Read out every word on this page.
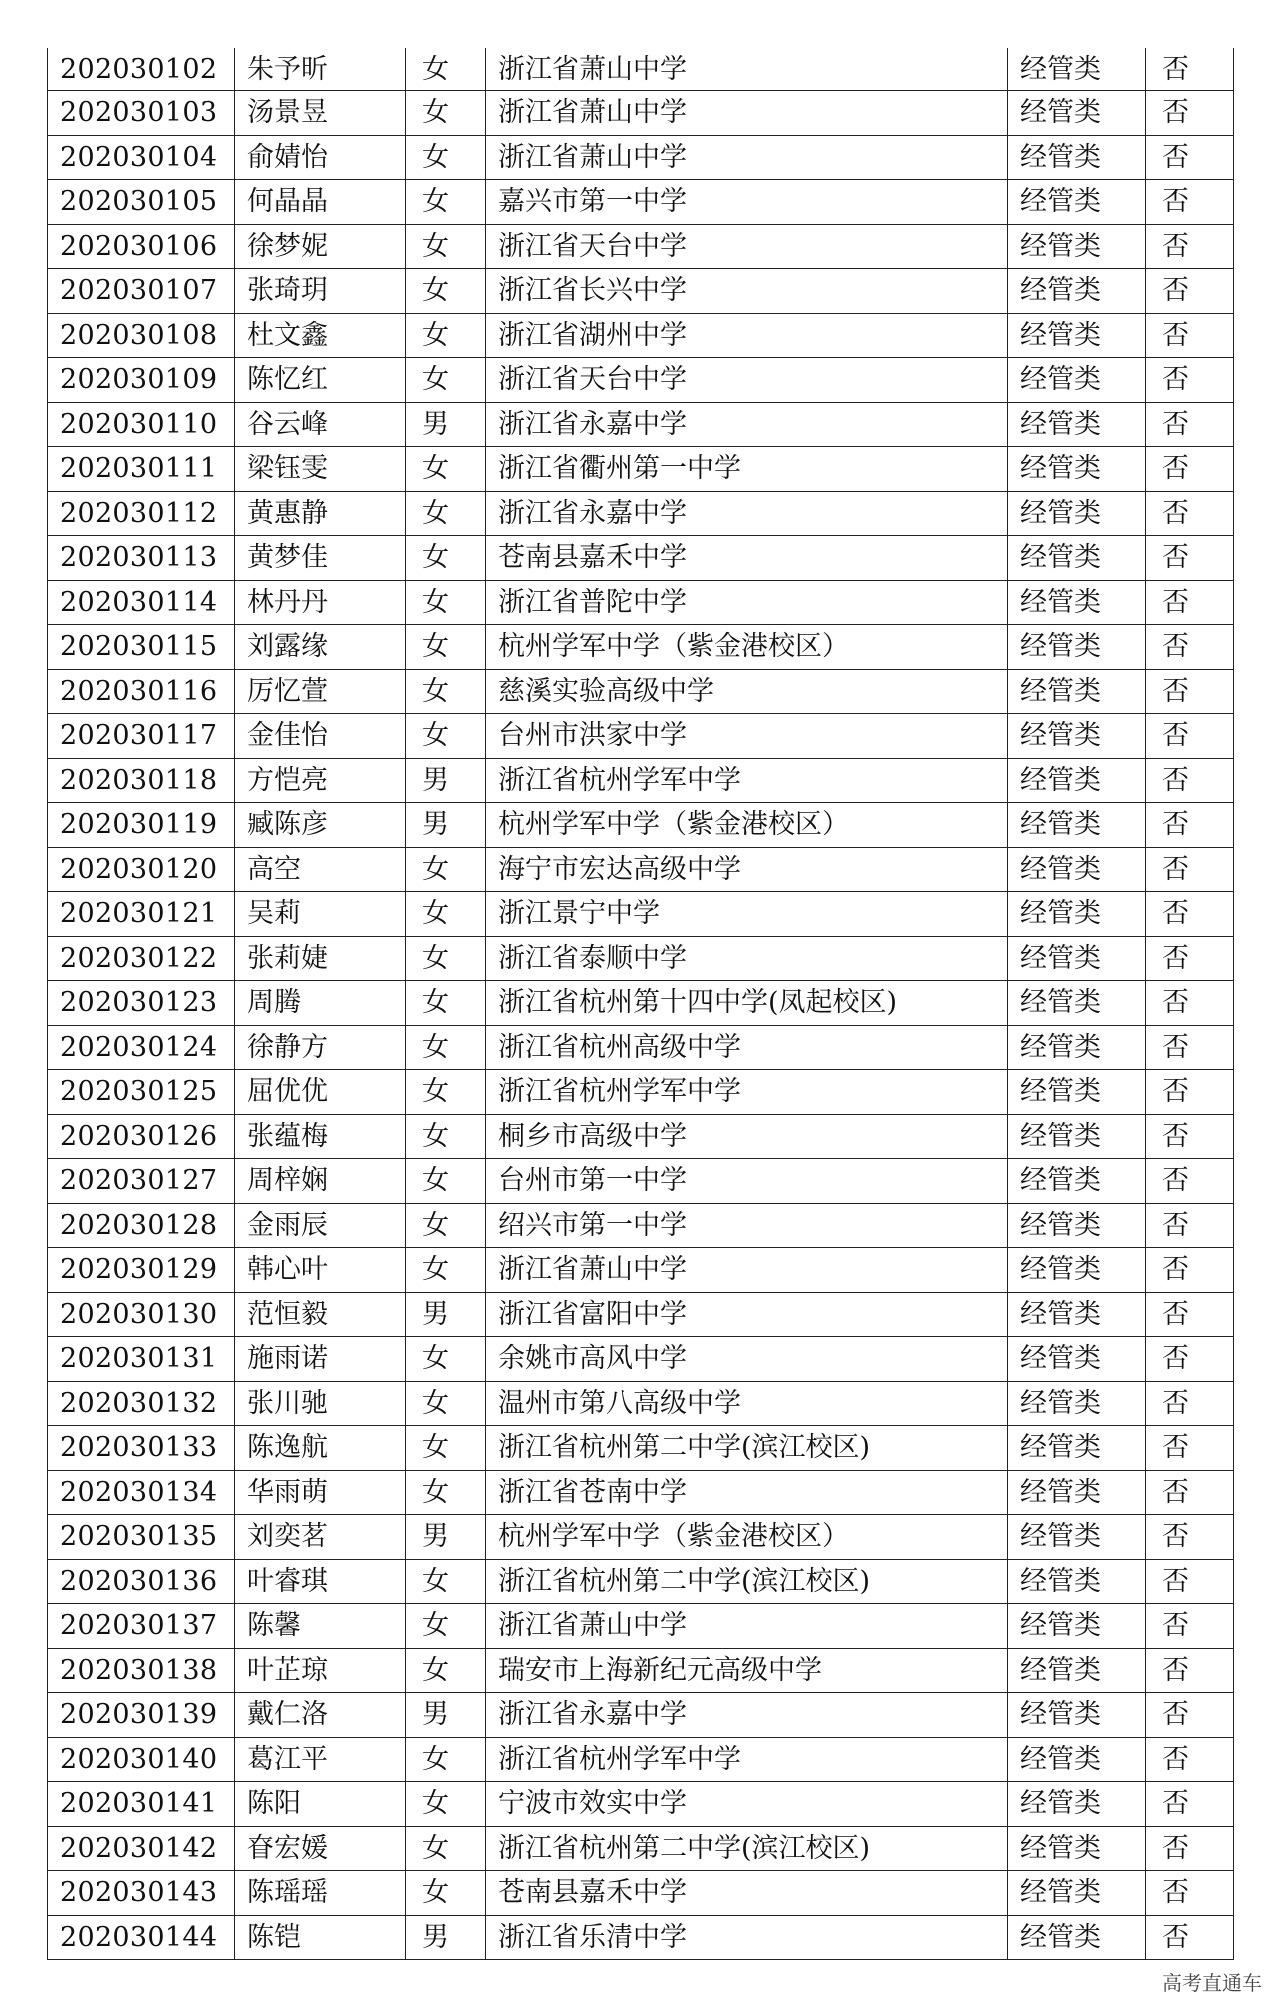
202030102	朱予昕	女	浙江省萧山中学	经管类	否
202030103	汤景昱	女	浙江省萧山中学	经管类	否
202030104	俞婧怡	女	浙江省萧山中学	经管类	否
202030105	何晶晶	女	嘉兴市第一中学	经管类	否
202030106	徐梦妮	女	浙江省天台中学	经管类	否
202030107	张琦玥	女	浙江省长兴中学	经管类	否
202030108	杜文鑫	女	浙江省湖州中学	经管类	否
202030109	陈忆红	女	浙江省天台中学	经管类	否
202030110	谷云峰	男	浙江省永嘉中学	经管类	否
202030111	梁钰雯	女	浙江省衢州第一中学	经管类	否
202030112	黄惠静	女	浙江省永嘉中学	经管类	否
202030113	黄梦佳	女	苍南县嘉禾中学	经管类	否
202030114	林丹丹	女	浙江省普陀中学	经管类	否
202030115	刘露缘	女	杭州学军中学（紫金港校区）	经管类	否
202030116	厉忆萱	女	慈溪实验高级中学	经管类	否
202030117	金佳怡	女	台州市洪家中学	经管类	否
202030118	方恺亮	男	浙江省杭州学军中学	经管类	否
202030119	臧陈彦	男	杭州学军中学（紫金港校区）	经管类	否
202030120	高空	女	海宁市宏达高级中学	经管类	否
202030121	吴莉	女	浙江景宁中学	经管类	否
202030122	张莉婕	女	浙江省泰顺中学	经管类	否
202030123	周腾	女	浙江省杭州第十四中学(凤起校区)	经管类	否
202030124	徐静方	女	浙江省杭州高级中学	经管类	否
202030125	屈优优	女	浙江省杭州学军中学	经管类	否
202030126	张蕴梅	女	桐乡市高级中学	经管类	否
202030127	周梓娴	女	台州市第一中学	经管类	否
202030128	金雨辰	女	绍兴市第一中学	经管类	否
202030129	韩心叶	女	浙江省萧山中学	经管类	否
202030130	范恒毅	男	浙江省富阳中学	经管类	否
202030131	施雨诺	女	余姚市高风中学	经管类	否
202030132	张川驰	女	温州市第八高级中学	经管类	否
202030133	陈逸航	女	浙江省杭州第二中学(滨江校区)	经管类	否
202030134	华雨萌	女	浙江省苍南中学	经管类	否
202030135	刘奕茗	男	杭州学军中学（紫金港校区）	经管类	否
202030136	叶睿琪	女	浙江省杭州第二中学(滨江校区)	经管类	否
202030137	陈馨	女	浙江省萧山中学	经管类	否
202030138	叶芷琼	女	瑞安市上海新纪元高级中学	经管类	否
202030139	戴仁洛	男	浙江省永嘉中学	经管类	否
202030140	葛江平	女	浙江省杭州学军中学	经管类	否
202030141	陈阳	女	宁波市效实中学	经管类	否
202030142	眘宏媛	女	浙江省杭州第二中学(滨江校区)	经管类	否
202030143	陈瑶瑶	女	苍南县嘉禾中学	经管类	否
202030144	陈铠	男	浙江省乐清中学	经管类	否
高考直通车
